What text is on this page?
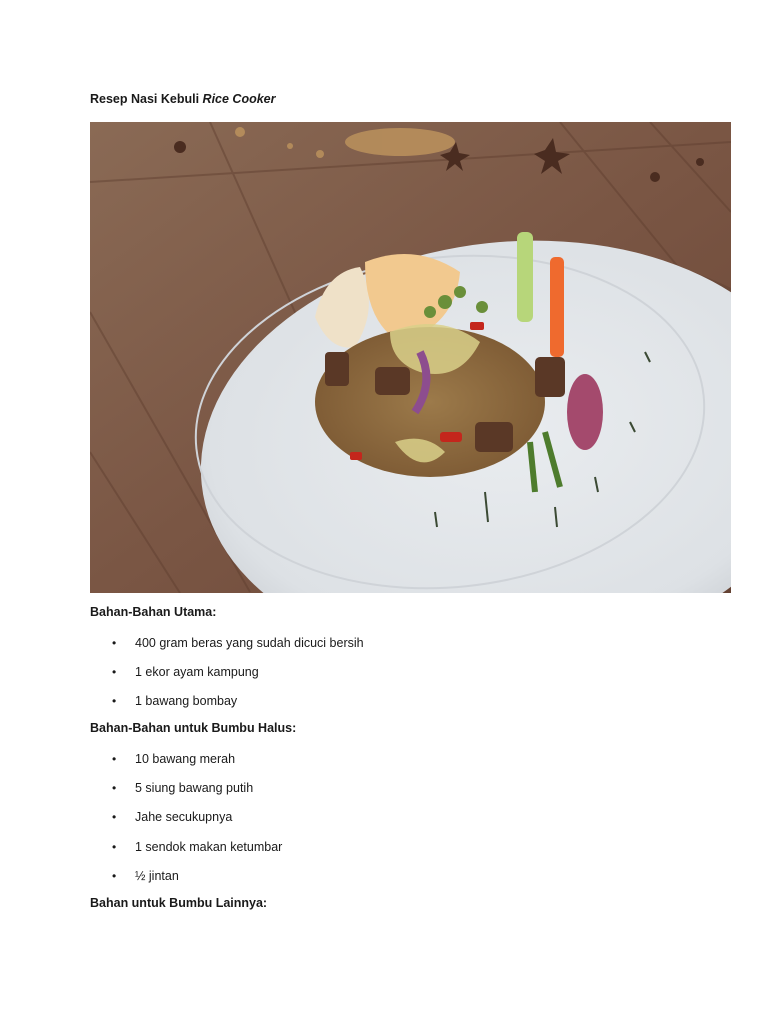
Resep Nasi Kebuli Rice Cooker
Bahan-Bahan Utama:
• 400 gram beras yang sudah dicuci bersih
• 1 ekor ayam kampung
• 1 bawang bombay
Bahan-Bahan untuk Bumbu Halus:
• 10 bawang merah
• 5 siung bawang putih
• Jahe secukupnya
• 1 sendok makan ketumbar
• ½ jintan
Bahan untuk Bumbu Lainnya:
